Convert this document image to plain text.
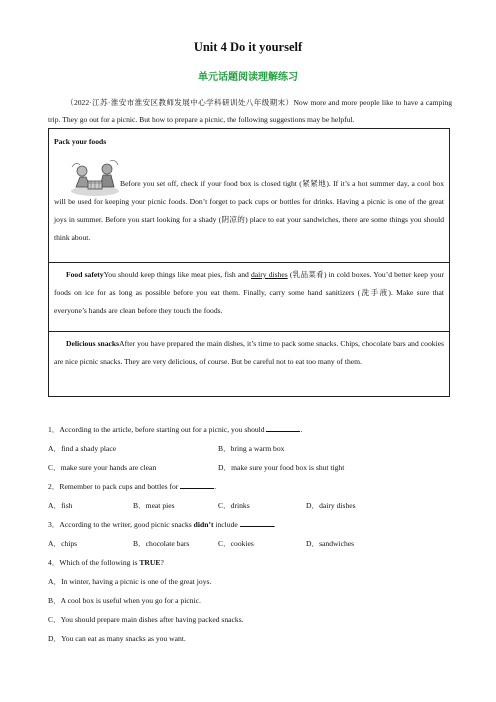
Unit 4 Do it yourself
单元话题阅读理解练习
（2022·江苏·淮安市淮安区教师发展中心学科研训处八年级期末）Now more and more people like to have a camping trip. They go out for a picnic. But how to prepare a picnic, the following suggestions may be helpful.
Pack your foods
Before you set off, check if your food box is closed tight (紧紧地). If it’s a hot summer day, a cool box will be used for keeping your picnic foods. Don’t forget to pack cups or bottles for drinks. Having a picnic is one of the great joys in summer. Before you start looking for a shady (阴凉的) place to eat your sandwiches, there are some things you should think about.
Food safetyYou should keep things like meat pies, fish and dairy dishes (乳品菜肴) in cold boxes. You’d better keep your foods on ice for as long as possible before you eat them. Finally, carry some hand sanitizers (洗手液). Make sure that everyone’s hands are clean before they touch the foods.
Delicious snacksAfter you have prepared the main dishes, it’s time to pack some snacks. Chips, chocolate bars and cookies are nice picnic snacks. They are very delicious, of course. But be careful not to eat too many of them.
1．According to the article, before starting out for a picnic, you should	.
A．find a shady place	B．bring a warm box
C．make sure your hands are clean	D．make sure your food box is shut tight
2．Remember to pack cups and bottles for	.
A．fish	B．meat pies	C．drinks	D．dairy dishes
3．According to the writer, good picnic snacks didn’t include	.
A．chips	B．chocolate bars	C．cookies	D．sandwiches
4．Which of the following is TRUE?
A．In winter, having a picnic is one of the great joys.
B．A cool box is useful when you go for a picnic.
C．You should prepare main dishes after having packed snacks.
D．You can eat as many snacks as you want.
